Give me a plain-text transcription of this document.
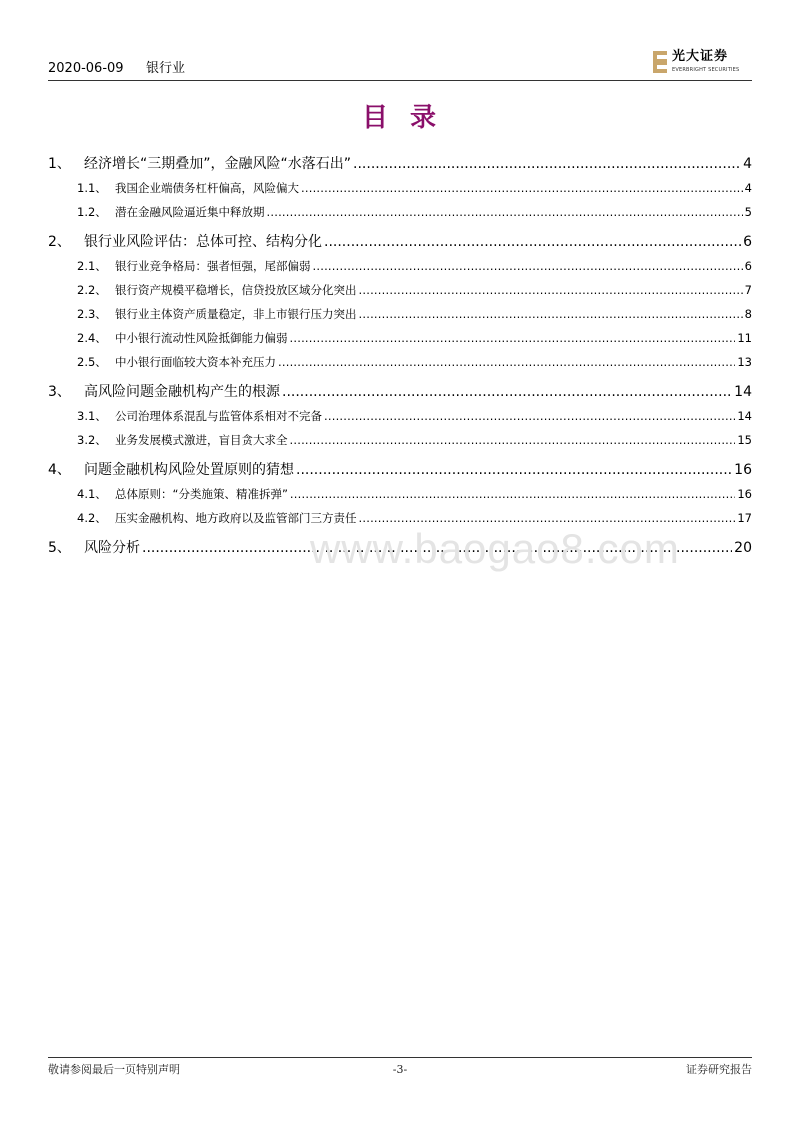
2020-06-09 银行业
光大证券
EVERBRIGHT SECURITIES
目录
1、 经济增长“三期叠加”，金融风险“水落石出” .....	4
1.1、 我国企业端债务杠杆偏高，风险偏大 .....	4
1.2、 潜在金融风险逼近集中释放期 .....	5
2、 银行业风险评估：总体可控、结构分化 .....	6
2.1、 银行业竞争格局：强者恒强，尾部偏弱 .....	6
2.2、 银行资产规模平稳增长，信贷投放区域分化突出 .....	7
2.3、 银行业主体资产质量稳定，非上市银行压力突出 .....	8
2.4、 中小银行流动性风险抵御能力偏弱 .....	11
2.5、 中小银行面临较大资本补充压力 .....	13
3、 高风险问题金融机构产生的根源 .....	14
3.1、 公司治理体系混乱与监管体系相对不完备 .....	14
3.2、 业务发展模式激进，盲目贪大求全 .....	15
4、 问题金融机构风险处置原则的猜想 .....	16
4.1、 总体原则：“分类施策、精准拆弹” .....	16
4.2、 压实金融机构、地方政府以及监管部门三方责任 .....	17
5、 风险分析 .....	20
www.baogao8.com
敬请参阅最后一页特别声明	-3-	证券研究报告
